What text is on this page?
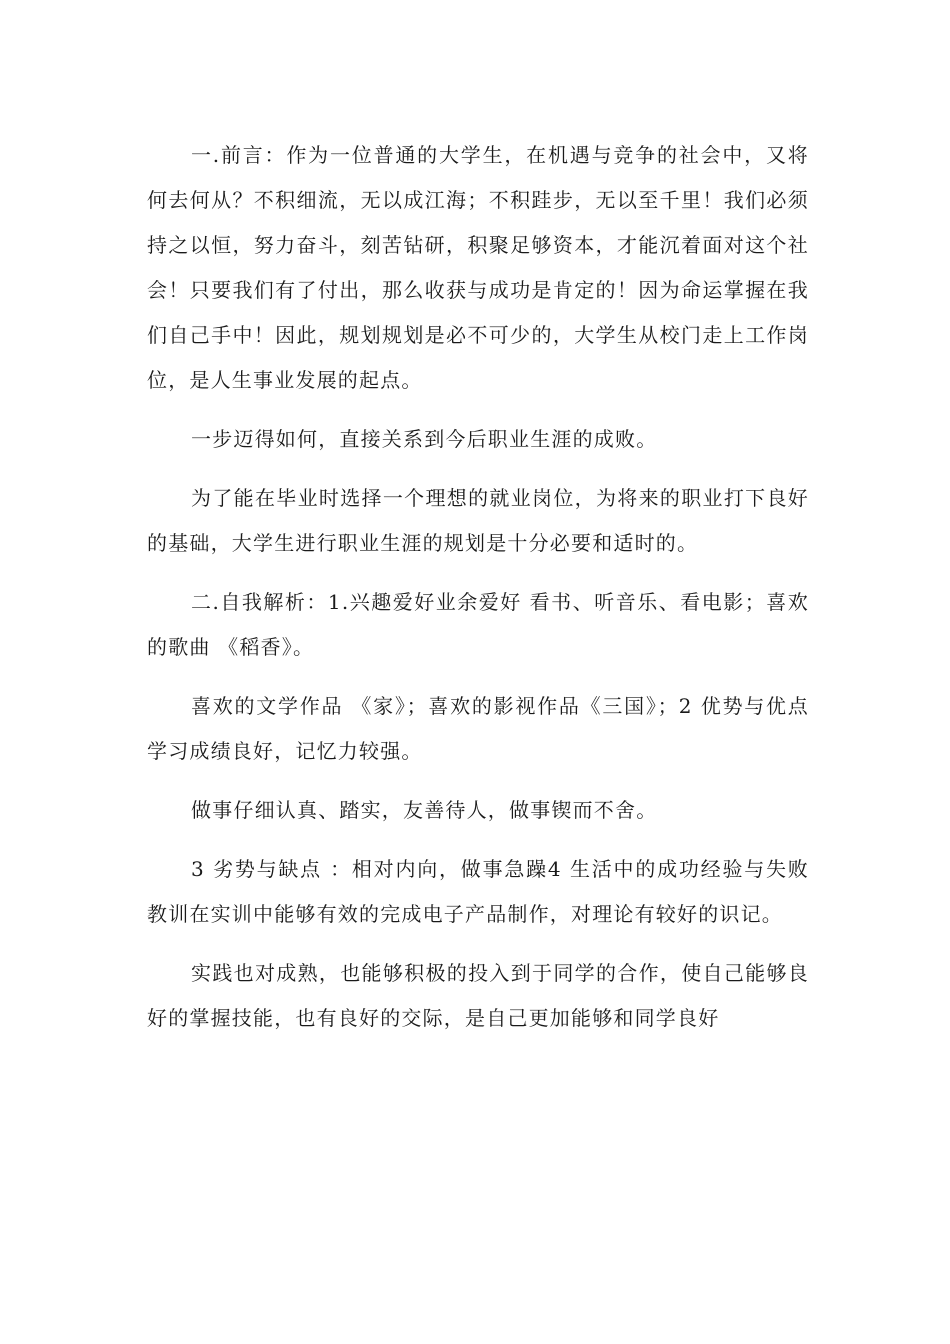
一.前言：作为一位普通的大学生，在机遇与竞争的社会中，又将何去何从？不积细流，无以成江海；不积跬步，无以至千里！我们必须持之以恒，努力奋斗，刻苦钻研，积聚足够资本，才能沉着面对这个社会！只要我们有了付出，那么收获与成功是肯定的！因为命运掌握在我们自己手中！因此，规划规划是必不可少的，大学生从校门走上工作岗位，是人生事业发展的起点。

一步迈得如何，直接关系到今后职业生涯的成败。

为了能在毕业时选择一个理想的就业岗位，为将来的职业打下良好的基础，大学生进行职业生涯的规划是十分必要和适时的。

二.自我解析：1.兴趣爱好业余爱好 看书、听音乐、看电影；喜欢的歌曲 《稻香》。

喜欢的文学作品 《家》；喜欢的影视作品《三国》；2 优势与优点学习成绩良好，记忆力较强。

做事仔细认真、踏实，友善待人，做事锲而不舍。

3 劣势与缺点 ：相对内向，做事急躁4 生活中的成功经验与失败教训在实训中能够有效的完成电子产品制作，对理论有较好的识记。

实践也对成熟，也能够积极的投入到于同学的合作，使自己能够良好的掌握技能，也有良好的交际，是自己更加能够和同学良好
